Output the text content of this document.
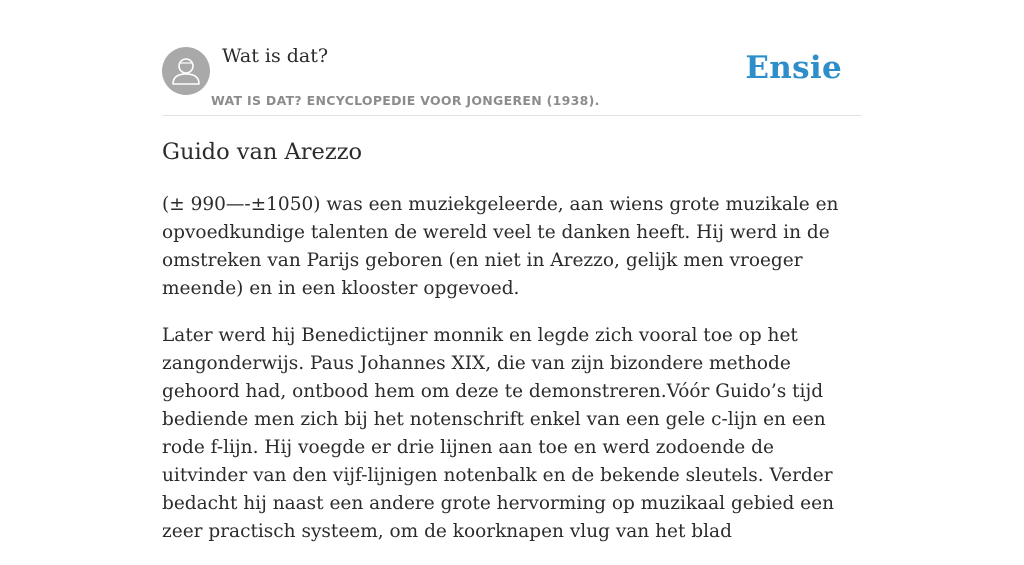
Wat is dat?
WAT IS DAT? ENCYCLOPEDIE VOOR JONGEREN (1938).
Ensie
Guido van Arezzo

(± 990—-±1050) was een muziekgeleerde, aan wiens grote muzikale en opvoedkundige talenten de wereld veel te danken heeft. Hij werd in de omstreken van Parijs geboren (en niet in Arezzo, gelijk men vroeger meende) en in een klooster opgevoed.

Later werd hij Benedictijner monnik en legde zich vooral toe op het zangonderwijs. Paus Johannes XIX, die van zijn bizondere methode gehoord had, ontbood hem om deze te demonstreren.Vóór Guido’s tijd bediende men zich bij het notenschrift enkel van een gele c-lijn en een rode f-lijn. Hij voegde er drie lijnen aan toe en werd zodoende de uitvinder van den vijf-lijnigen notenbalk en de bekende sleutels. Verder bedacht hij naast een andere grote hervorming op muzikaal gebied een zeer practisch systeem, om de koorknapen vlug van het blad
